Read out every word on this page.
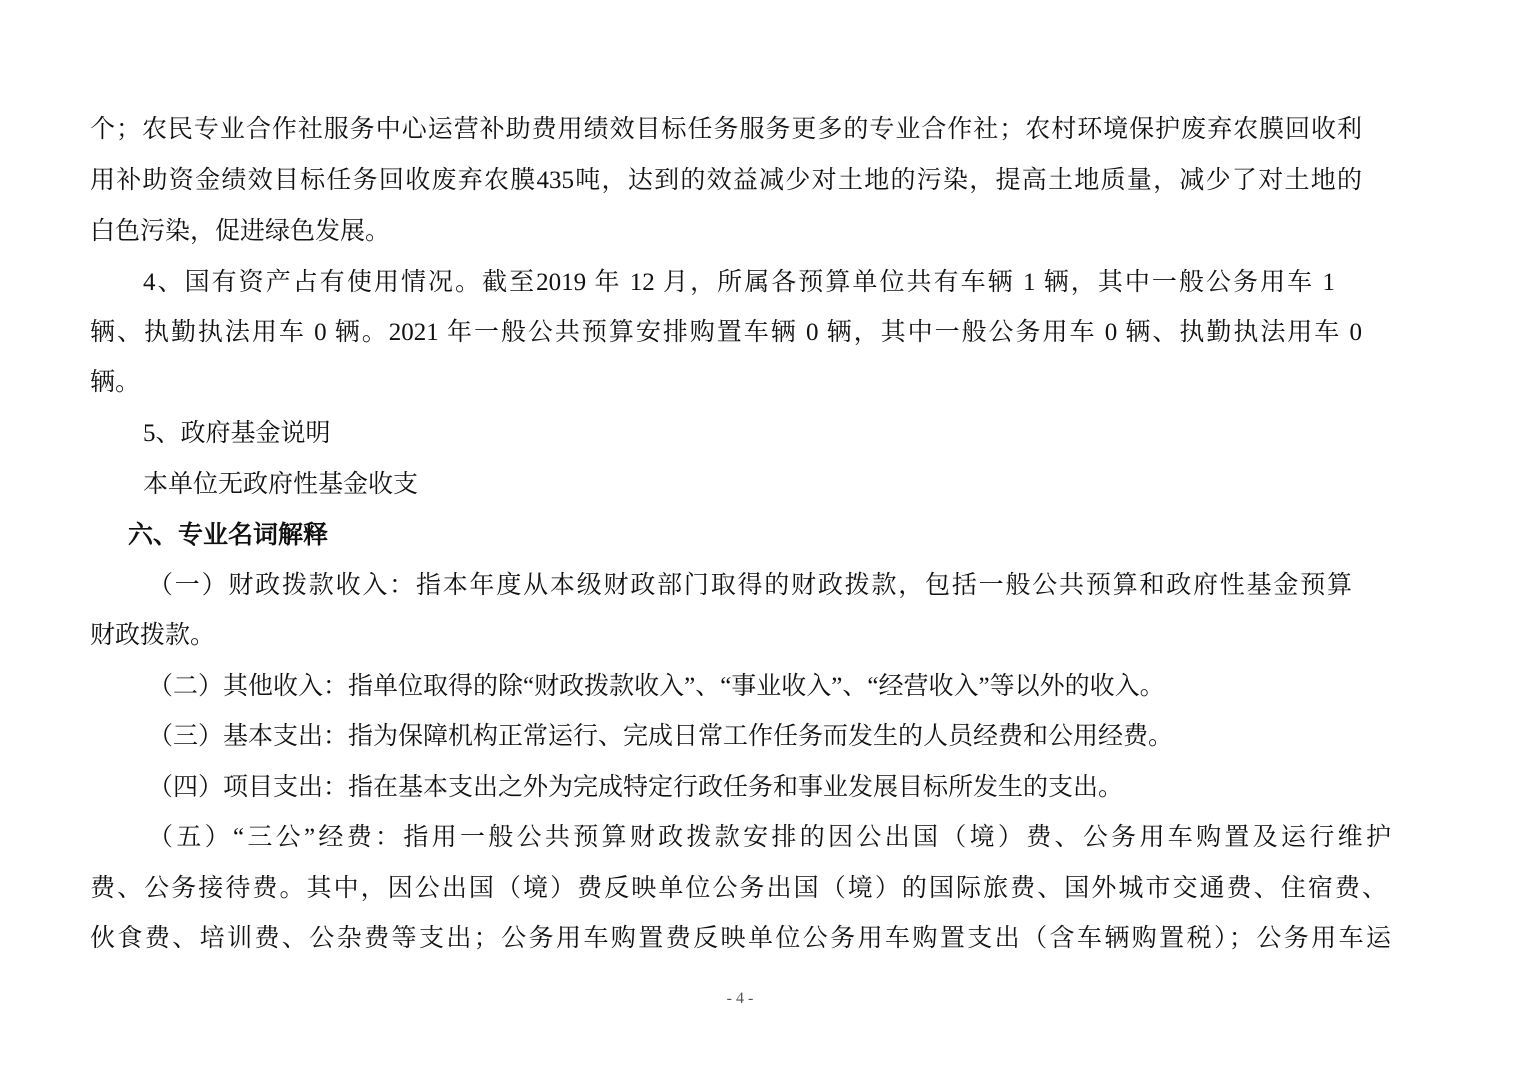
个；农民专业合作社服务中心运营补助费用绩效目标任务服务更多的专业合作社；农村环境保护废弃农膜回收利
用补助资金绩效目标任务回收废弃农膜435吨，达到的效益减少对土地的污染，提高土地质量，减少了对土地的
白色污染，促进绿色发展。
4、国有资产占有使用情况。截至2019 年 12 月，所属各预算单位共有车辆 1 辆，其中一般公务用车 1
辆、执勤执法用车 0 辆。2021 年一般公共预算安排购置车辆 0 辆，其中一般公务用车 0 辆、执勤执法用车 0
辆。
5、政府基金说明
本单位无政府性基金收支
六、专业名词解释
（一）财政拨款收入：指本年度从本级财政部门取得的财政拨款，包括一般公共预算和政府性基金预算
财政拨款。
（二）其他收入：指单位取得的除“财政拨款收入”、“事业收入”、“经营收入”等以外的收入。
（三）基本支出：指为保障机构正常运行、完成日常工作任务而发生的人员经费和公用经费。
（四）项目支出：指在基本支出之外为完成特定行政任务和事业发展目标所发生的支出。
（五）“三公”经费：指用一般公共预算财政拨款安排的因公出国（境）费、公务用车购置及运行维护
费、公务接待费。其中，因公出国（境）费反映单位公务出国（境）的国际旅费、国外城市交通费、住宿费、
伙食费、培训费、公杂费等支出；公务用车购置费反映单位公务用车购置支出（含车辆购置税）；公务用车运
- 4 -
